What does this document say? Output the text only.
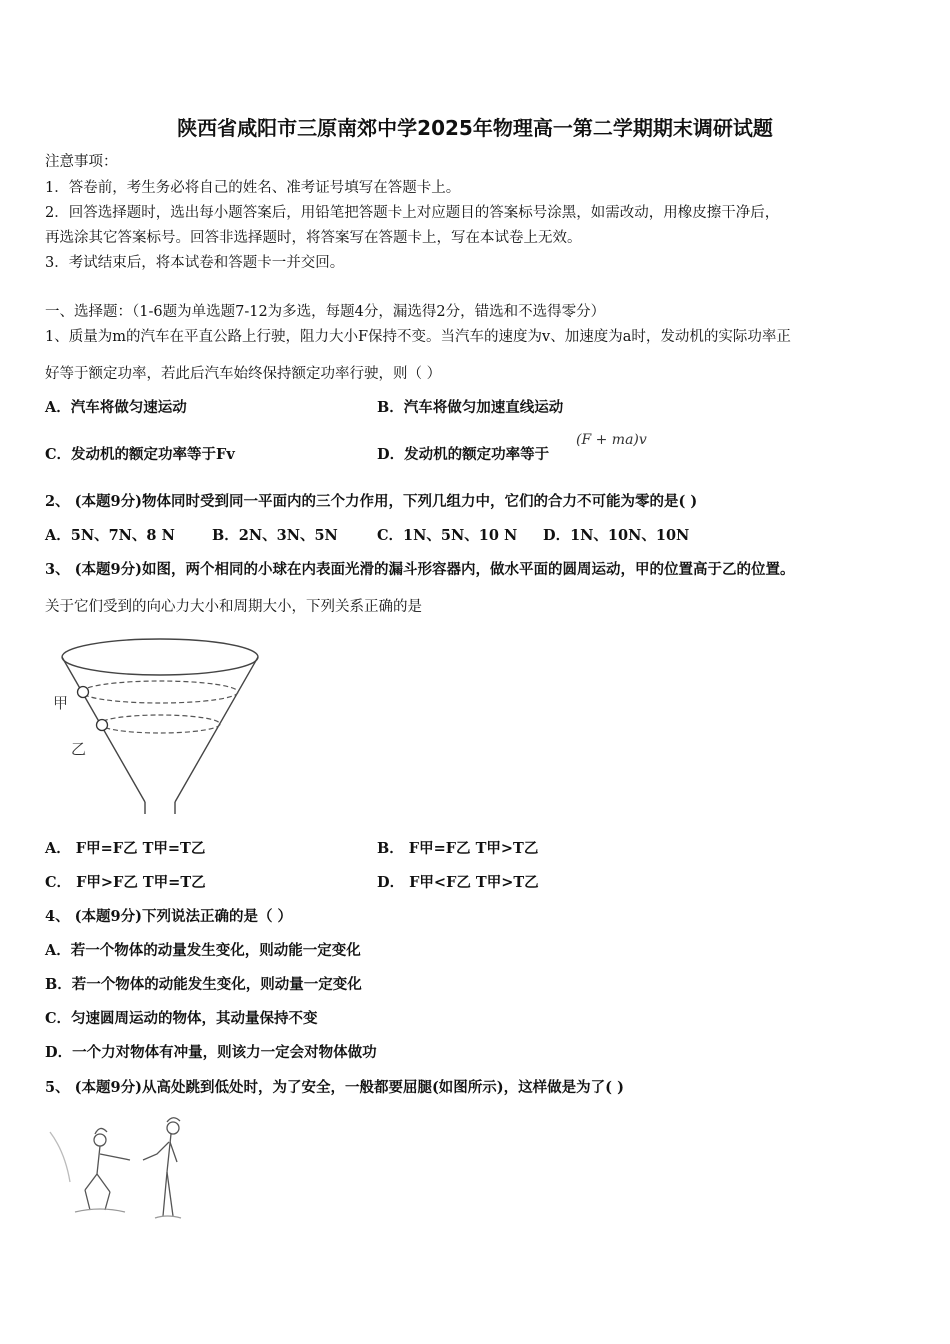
陕西省咸阳市三原南郊中学2025年物理高一第二学期期末调研试题
注意事项：
1．答卷前，考生务必将自己的姓名、准考证号填写在答题卡上。
2．回答选择题时，选出每小题答案后，用铅笔把答题卡上对应题目的答案标号涂黑，如需改动，用橡皮擦干净后，
再选涂其它答案标号。回答非选择题时，将答案写在答题卡上，写在本试卷上无效。
3．考试结束后，将本试卷和答题卡一并交回。
一、选择题：（1-6题为单选题7-12为多选，每题4分，漏选得2分，错选和不选得零分）
1、质量为m的汽车在平直公路上行驶，阻力大小F保持不变。当汽车的速度为v、加速度为a时，发动机的实际功率正
好等于额定功率，若此后汽车始终保持额定功率行驶，则（ ）
A．汽车将做匀速运动	B．汽车将做匀加速直线运动
C．发动机的额定功率等于Fv	D．发动机的额定功率等于
(F + ma)v
2、 (本题9分)物体同时受到同一平面内的三个力作用，下列几组力中，它们的合力不可能为零的是( )
A．5N、7N、8 N	B．2N、3N、5N	C．1N、5N、10 N D．1N、10N、10N
3、 (本题9分)如图，两个相同的小球在内表面光滑的漏斗形容器内，做水平面的圆周运动，甲的位置高于乙的位置。
关于它们受到的向心力大小和周期大小，下列关系正确的是
甲
乙
A． F甲=F乙 T甲=T乙	B． F甲=F乙 T甲>T乙
C． F甲>F乙 T甲=T乙	D． F甲<F乙 T甲>T乙
4、 (本题9分)下列说法正确的是（ ）
A．若一个物体的动量发生变化，则动能一定变化
B．若一个物体的动能发生变化，则动量一定变化
C．匀速圆周运动的物体，其动量保持不变
D．一个力对物体有冲量，则该力一定会对物体做功
5、 (本题9分)从高处跳到低处时，为了安全，一般都要屈腿(如图所示)，这样做是为了( )
